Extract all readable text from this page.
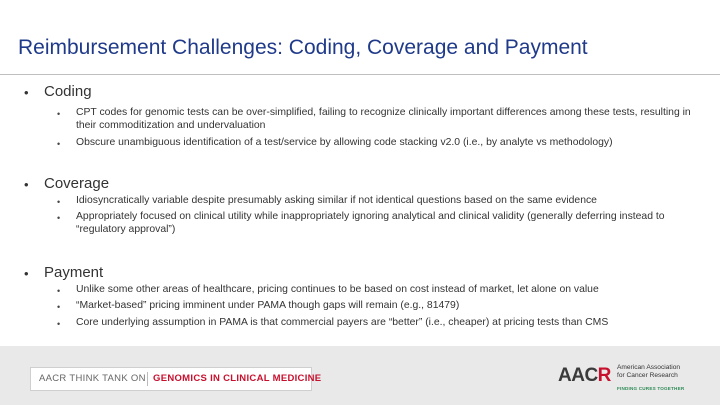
Reimbursement Challenges: Coding, Coverage and Payment
• Coding
• CPT codes for genomic tests can be over-simplified, failing to recognize clinically important differences among these tests, resulting in their commoditization and undervaluation
• Obscure unambiguous identification of a test/service by allowing code stacking v2.0 (i.e., by analyte vs methodology)
• Coverage
• Idiosyncratically variable despite presumably asking similar if not identical questions based on the same evidence
• Appropriately focused on clinical utility while inappropriately ignoring analytical and clinical validity (generally deferring instead to “regulatory approval”)
• Payment
• Unlike some other areas of healthcare, pricing continues to be based on cost instead of market, let alone on value
• “Market-based” pricing imminent under PAMA though gaps will remain (e.g., 81479)
• Core underlying assumption in PAMA is that commercial payers are “better” (i.e., cheaper) at pricing tests than CMS
AACR THINK TANK ON GENOMICS IN CLINICAL MEDICINE	AACR American Association
for Cancer Research
FINDING CURES TOGETHER
